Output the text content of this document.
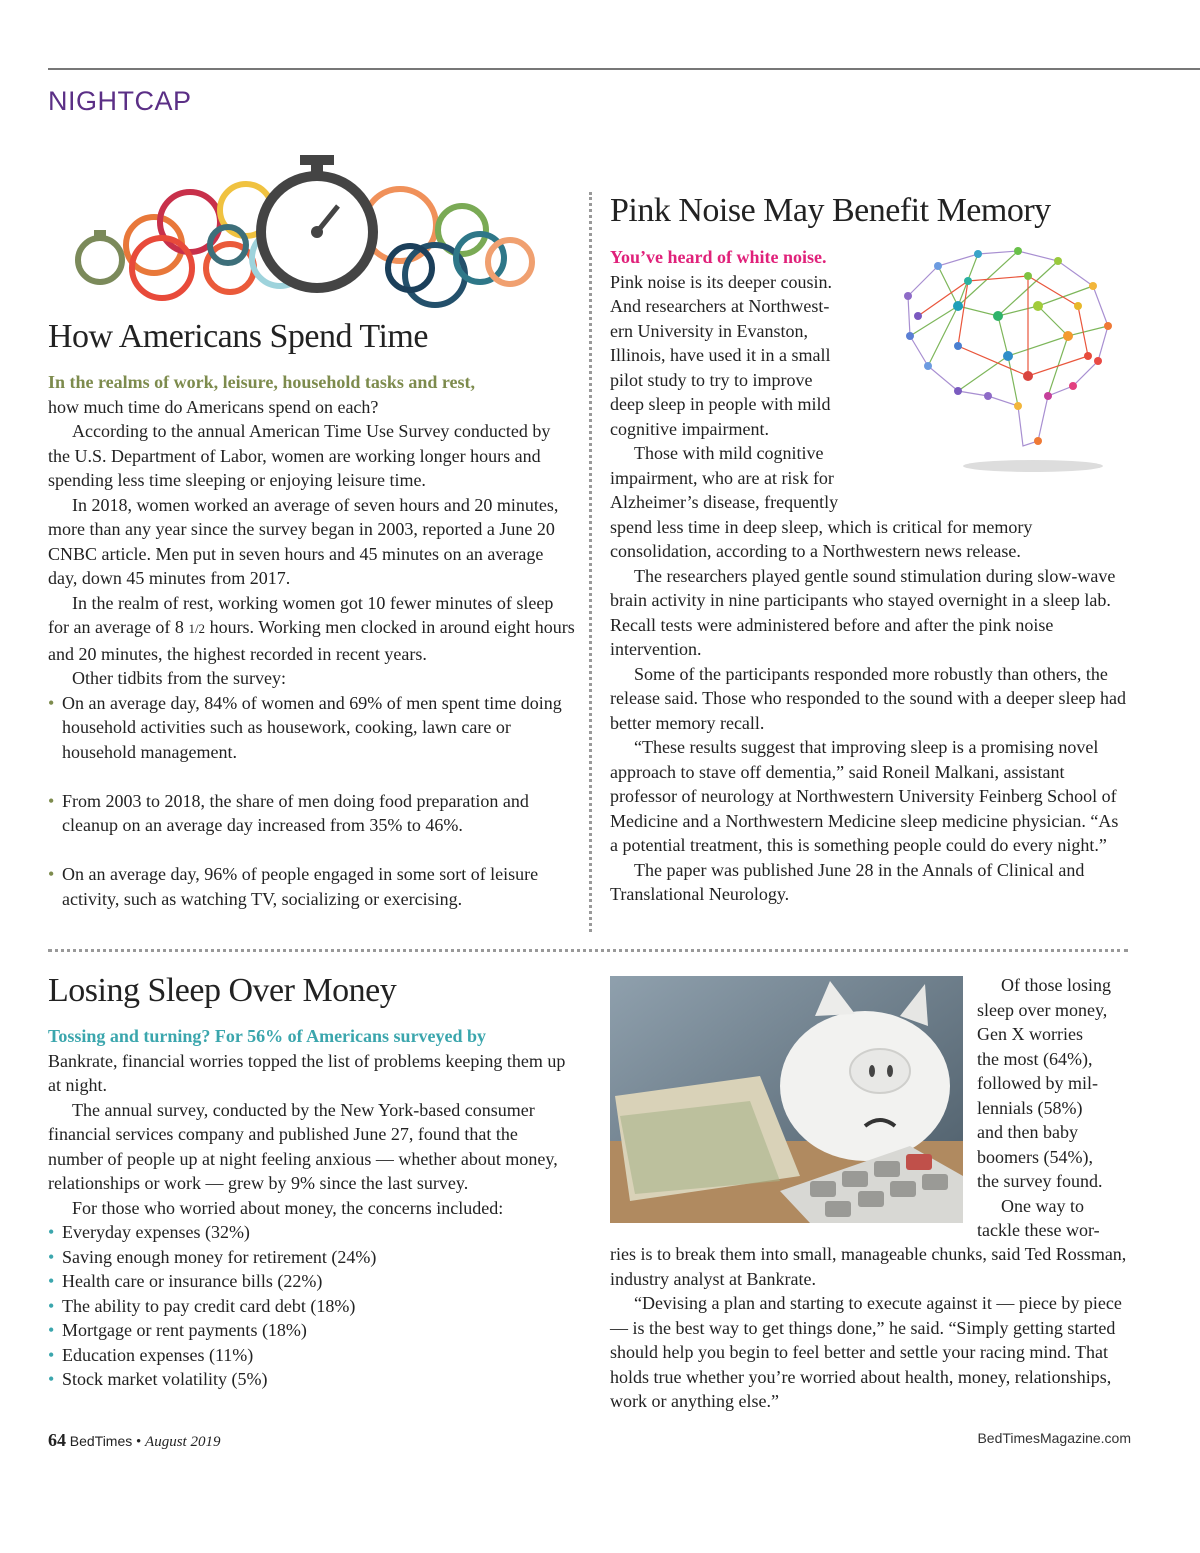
NIGHTCAP
How Americans Spend Time

In the realms of work, leisure, household tasks and rest,
how much time do Americans spend on each?

According to the annual American Time Use Survey conducted by the U.S. Department of Labor, women are working longer hours and spending less time sleeping or enjoying leisure time.

In 2018, women worked an average of seven hours and 20 minutes, more than any year since the survey began in 2003, reported a June 20 CNBC article. Men put in seven hours and 45 minutes on an average day, down 45 minutes from 2017.

In the realm of rest, working women got 10 fewer minutes of sleep for an average of 8 1/2 hours. Working men clocked in around eight hours and 20 minutes, the highest recorded in recent years.

Other tidbits from the survey:

• On an average day, 84% of women and 69% of men spent time doing household activities such as housework, cooking, lawn care or household management.
• From 2003 to 2018, the share of men doing food preparation and cleanup on an average day increased from 35% to 46%.
• On an average day, 96% of people engaged in some sort of leisure activity, such as watching TV, socializing or exercising.
Pink Noise May Benefit Memory

You’ve heard of white noise.

Pink noise is its deeper cousin.

And researchers at Northwest-

ern University in Evanston,

Illinois, have used it in a small

pilot study to try to improve

deep sleep in people with mild

cognitive impairment.

Those with mild cognitive

impairment, who are at risk for

Alzheimer’s disease, frequently

spend less time in deep sleep, which is critical for memory consolidation, according to a Northwestern news release.

The researchers played gentle sound stimulation during slow-wave brain activity in nine participants who stayed overnight in a sleep lab. Recall tests were administered before and after the pink noise intervention.

Some of the participants responded more robustly than others, the release said. Those who responded to the sound with a deeper sleep had better memory recall.

“These results suggest that improving sleep is a promising novel approach to stave off dementia,” said Roneil Malkani, assistant professor of neurology at Northwestern University Feinberg School of Medicine and a Northwestern Medicine sleep medicine physician. “As a potential treatment, this is something people could do every night.”

The paper was published June 28 in the Annals of Clinical and Translational Neurology.

Losing Sleep Over Money

Tossing and turning? For 56% of Americans surveyed by
Bankrate, financial worries topped the list of problems keeping them up at night.

The annual survey, conducted by the New York-based consumer financial services company and published June 27, found that the number of people up at night feeling anxious — whether about money, relationships or work — grew by 9% since the last survey.

For those who worried about money, the concerns included:

• Everyday expenses (32%)
• Saving enough money for retirement (24%)
• Health care or insurance bills (22%)
• The ability to pay credit card debt (18%)
• Mortgage or rent payments (18%)
• Education expenses (11%)
• Stock market volatility (5%)

Of those losing

sleep over money,

Gen X worries

the most (64%),

followed by mil-

lennials (58%)

and then baby

boomers (54%),

the survey found.

One way to

tackle these wor-

ries is to break them into small, manageable chunks, said Ted Rossman, industry analyst at Bankrate.

“Devising a plan and starting to execute against it — piece by piece — is the best way to get things done,” he said. “Simply getting started should help you begin to feel better and settle your racing mind. That holds true whether you’re worried about health, money, relationships, work or anything else.”

64 BedTimes • August 2019	BedTimesMagazine.com
